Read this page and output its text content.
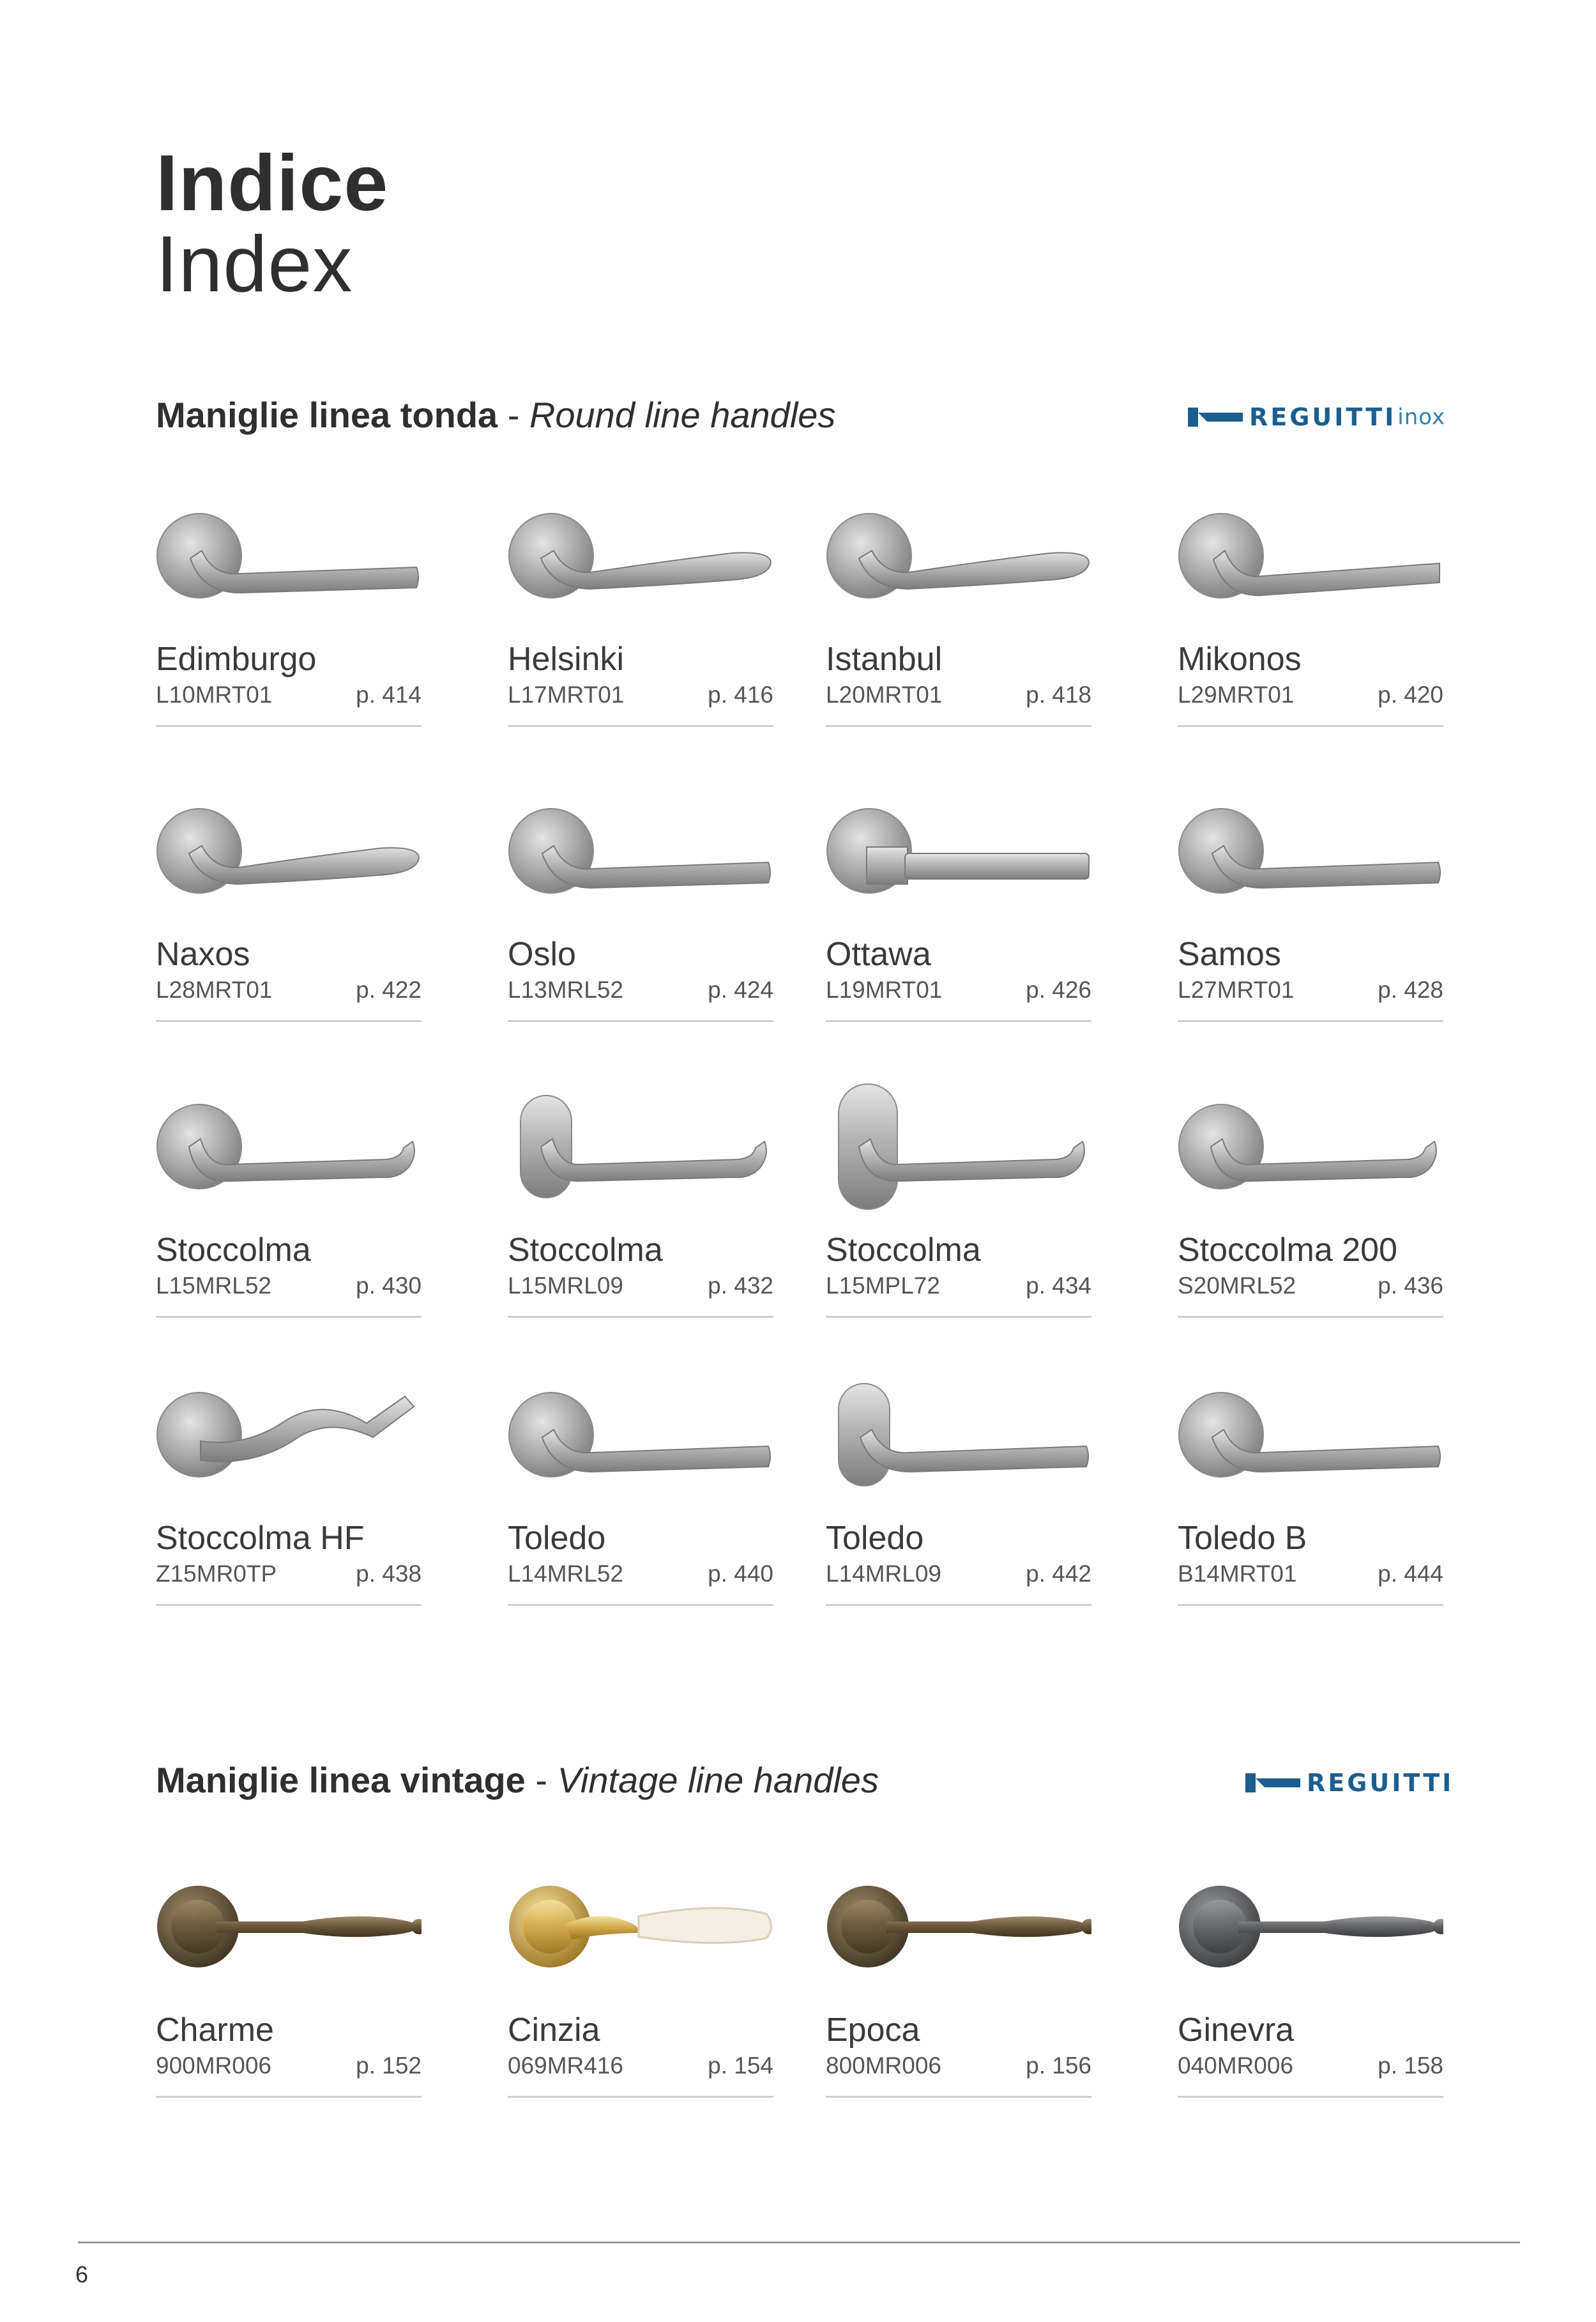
Indice
Index
Maniglie linea tonda - Round line handles	REGUITTI inox
Edimburgo
L10MRT01	p. 414
Helsinki
L17MRT01	p. 416
Istanbul
L20MRT01	p. 418
Mikonos
L29MRT01	p. 420
Naxos
L28MRT01	p. 422
Oslo
L13MRL52	p. 424
Ottawa
L19MRT01	p. 426
Samos
L27MRT01	p. 428
Stoccolma
L15MRL52	p. 430
Stoccolma
L15MRL09	p. 432
Stoccolma
L15MPL72	p. 434
Stoccolma 200
S20MRL52	p. 436
Stoccolma HF
Z15MR0TP	p. 438
Toledo
L14MRL52	p. 440
Toledo
L14MRL09	p. 442
Toledo B
B14MRT01	p. 444
Maniglie linea vintage - Vintage line handles	REGUITTI
Charme
900MR006	p. 152
Cinzia
069MR416	p. 154
Epoca
800MR006	p. 156
Ginevra
040MR006	p. 158
6
